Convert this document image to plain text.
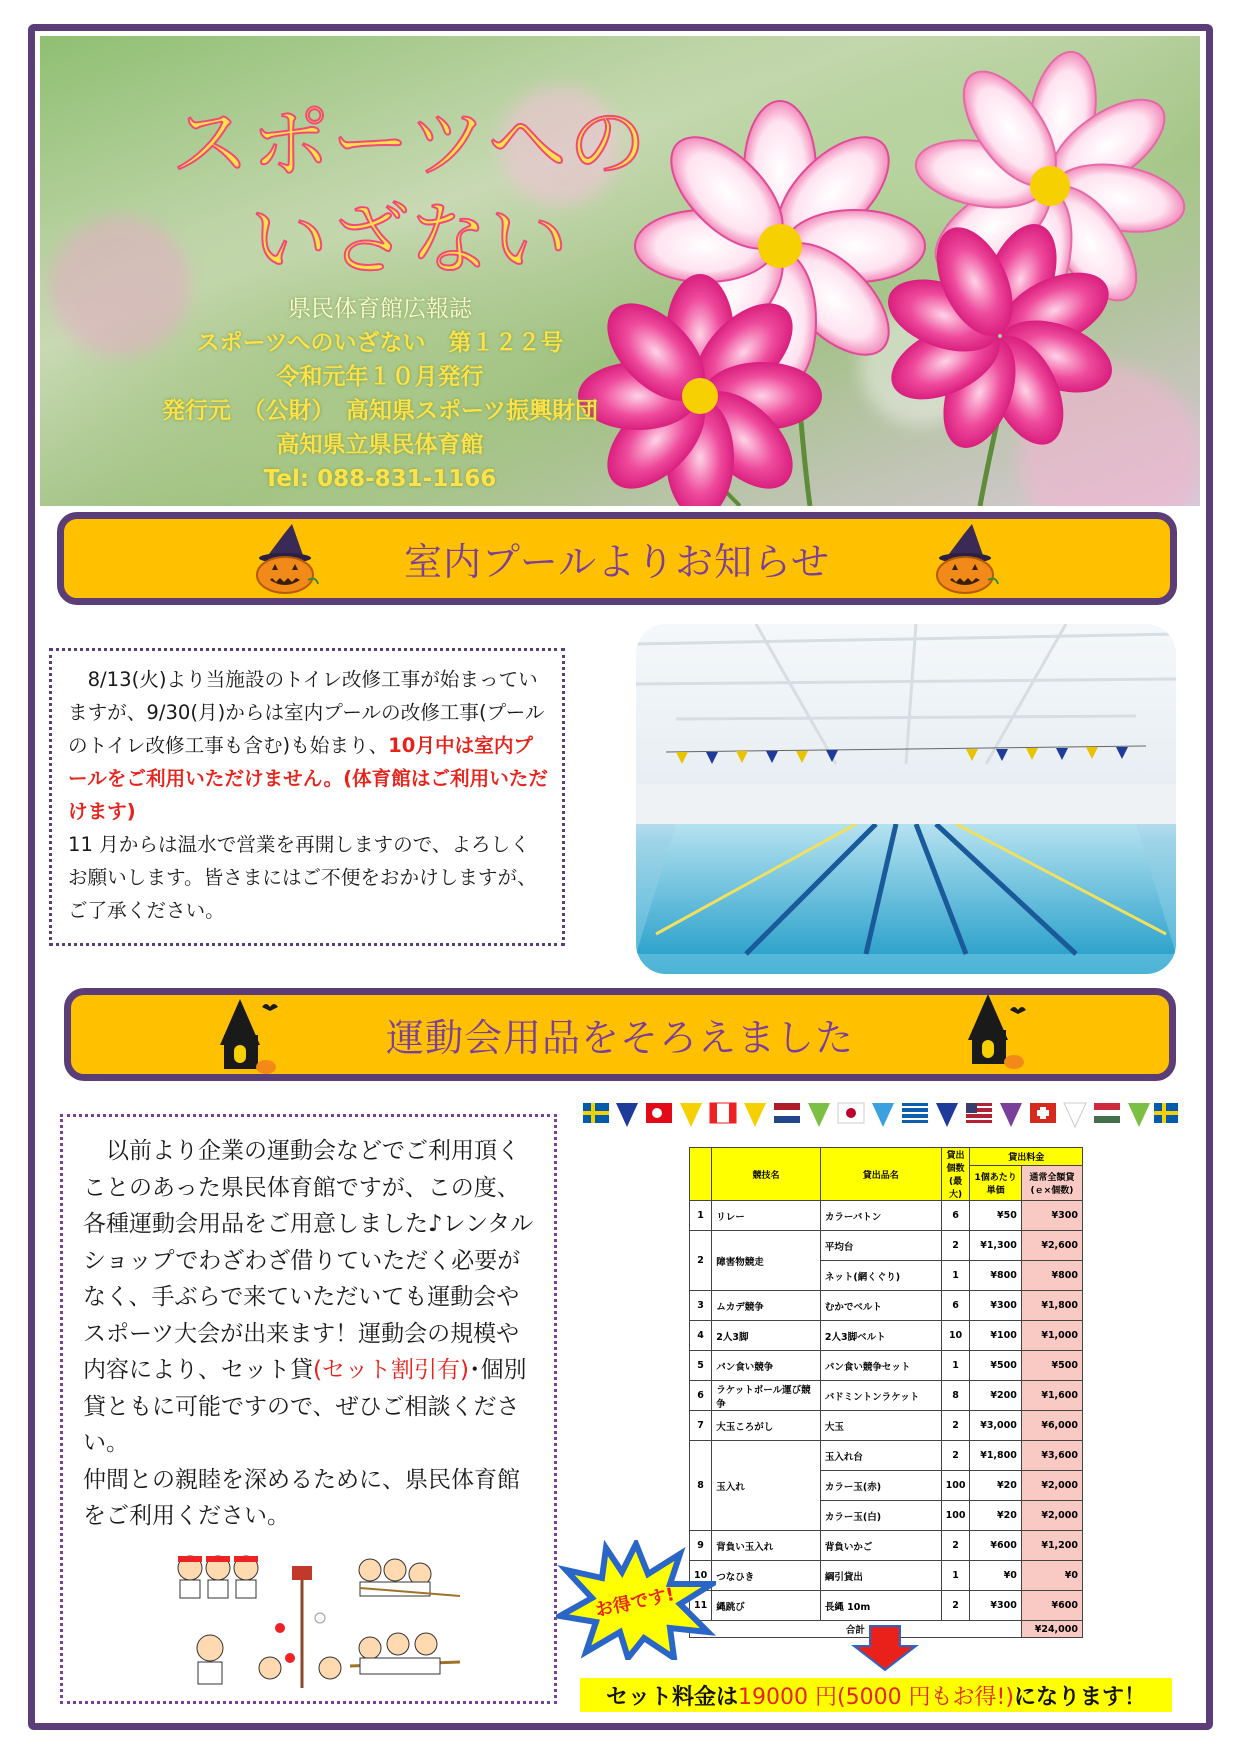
スポーツへの
いざない
県民体育館広報誌
スポーツへのいざない　第１２２号
令和元年１０月発行
発行元　（公財）　高知県スポーツ振興財団
高知県立県民体育館
Tel: 088-831-1166
室内プールよりお知らせ
　8/13(火)より当施設のトイレ改修工事が始まっていますが、9/30(月)からは室内プールの改修工事(プールのトイレ改修工事も含む)も始まり、10月中は室内プールをご利用いただけません。(体育館はご利用いただけます)
11 月からは温水で営業を再開しますので、よろしくお願いします。皆さまにはご不便をおかけしますが、ご了承ください。
運動会用品をそろえました
　以前より企業の運動会などでご利用頂くことのあった県民体育館ですが、この度、各種運動会用品をご用意しました♪レンタルショップでわざわざ借りていただく必要がなく、手ぶらで来ていただいても運動会やスポーツ大会が出来ます！運動会の規模や内容により、セット貸(セット割引有)･個別貸ともに可能ですので、ぜひご相談ください。
仲間との親睦を深めるために、県民体育館をご利用ください。
	競技名	貸出品名	貸出個数(最大)	貸出料金	
				1個あたり単価	通常全額貸(ｅ×個数)
1	リレー	カラーバトン	6	¥50	¥300
2	障害物競走	平均台	2	¥1,300	¥2,600
		ネット(網くぐり)	1	¥800	¥800
3	ムカデ競争	むかでベルト	6	¥300	¥1,800
4	2人3脚	2人3脚ベルト	10	¥100	¥1,000
5	パン食い競争	パン食い競争セット	1	¥500	¥500
6	ラケットボール運び競争	バドミントンラケット	8	¥200	¥1,600
7	大玉ころがし	大玉	2	¥3,000	¥6,000
8	玉入れ	玉入れ台	2	¥1,800	¥3,600
		カラー玉(赤)	100	¥20	¥2,000
		カラー玉(白)	100	¥20	¥2,000
9	背負い玉入れ	背負いかご	2	¥600	¥1,200
10	つなひき	綱引貸出	1	¥0	¥0
11	縄跳び	長縄 10m	2	¥300	¥600
合計					¥24,000
お得です!
セット料金は 19000 円(5000 円もお得!) になります！
